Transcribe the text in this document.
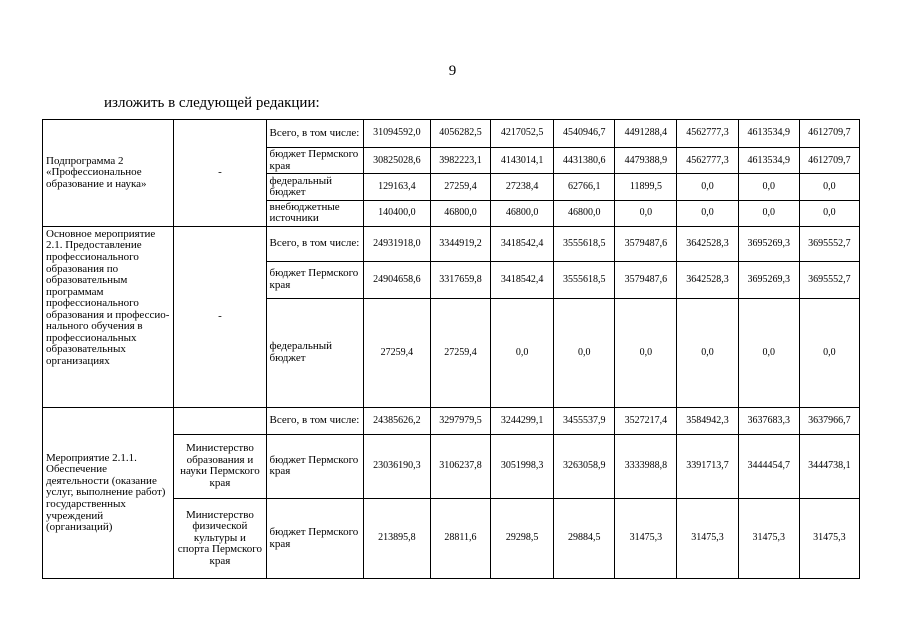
9
изложить в следующей редакции:
Подпрограмма 2 «Профессиональное образование и наука»	-	Всего, в том числе:	31094592,0	4056282,5	4217052,5	4540946,7	4491288,4	4562777,3	4613534,9	4612709,7
		бюджет Пермского края	30825028,6	3982223,1	4143014,1	4431380,6	4479388,9	4562777,3	4613534,9	4612709,7
		федеральный бюджет	129163,4	27259,4	27238,4	62766,1	11899,5	0,0	0,0	0,0
		внебюджетные источники	140400,0	46800,0	46800,0	46800,0	0,0	0,0	0,0	0,0
Основное мероприятие 2.1. Предоставление профессионального образования по образовательным программам профессионального образования и профессио-нального обучения в профессиональных образовательных организациях	-	Всего, в том числе:	24931918,0	3344919,2	3418542,4	3555618,5	3579487,6	3642528,3	3695269,3	3695552,7
		бюджет Пермского края	24904658,6	3317659,8	3418542,4	3555618,5	3579487,6	3642528,3	3695269,3	3695552,7
		федеральный бюджет	27259,4	27259,4	0,0	0,0	0,0	0,0	0,0	0,0
Мероприятие 2.1.1. Обеспечение деятельности (оказание услуг, выполнение работ) государственных учреждений (организаций)		Всего, в том числе:	24385626,2	3297979,5	3244299,1	3455537,9	3527217,4	3584942,3	3637683,3	3637966,7
	Министерство образования и науки Пермского края	бюджет Пермского края	23036190,3	3106237,8	3051998,3	3263058,9	3333988,8	3391713,7	3444454,7	3444738,1
	Министерство физической культуры и спорта Пермского края	бюджет Пермского края	213895,8	28811,6	29298,5	29884,5	31475,3	31475,3	31475,3	31475,3
